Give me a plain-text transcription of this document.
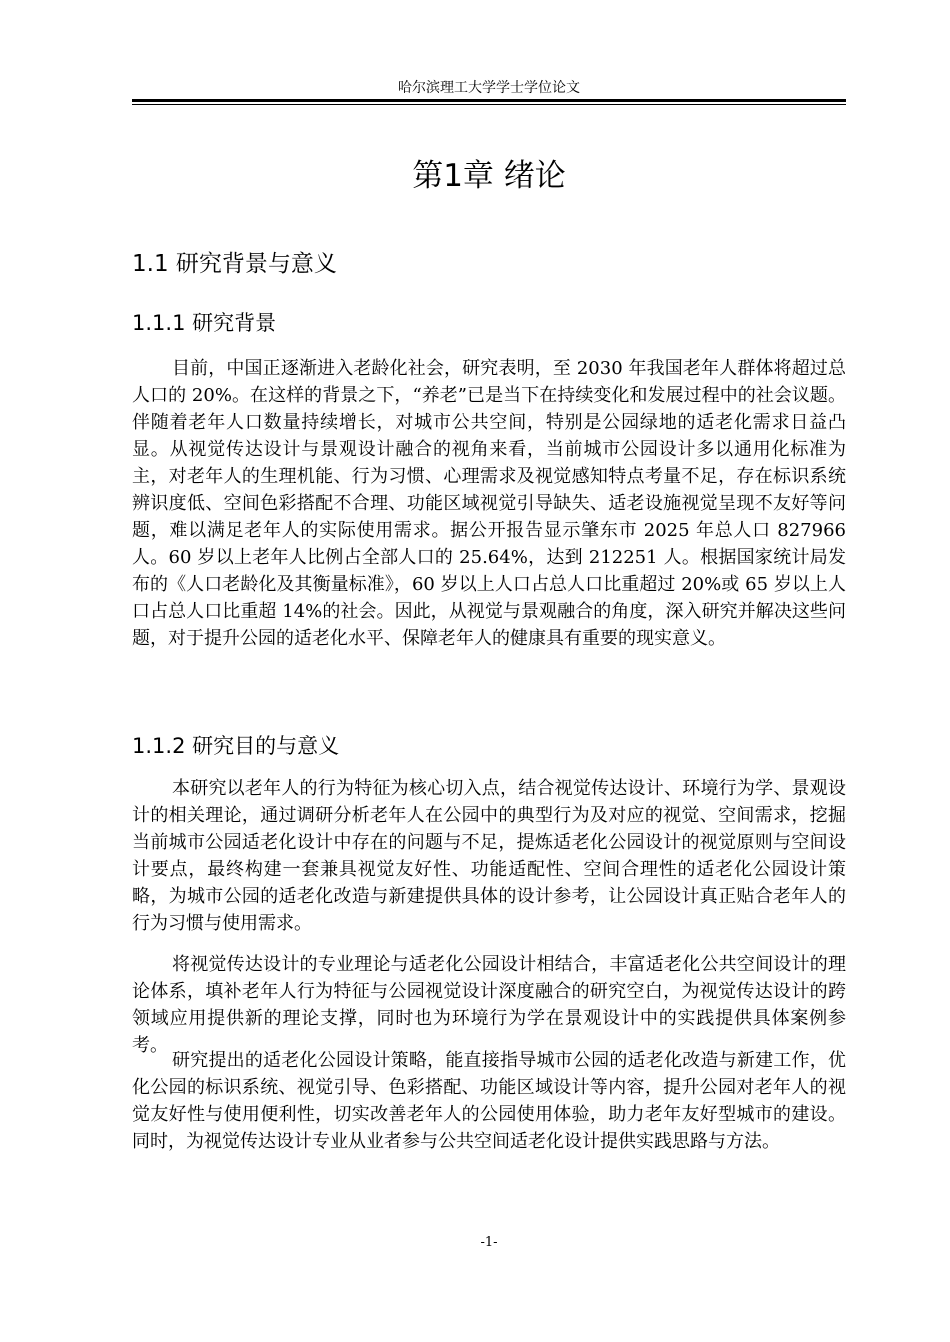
哈尔滨理工大学学士学位论文
第1章 绪论
1.1 研究背景与意义
1.1.1 研究背景

目前，中国正逐渐进入老龄化社会，研究表明，至 2030 年我国老年人群体将超过总人口的 20%。在这样的背景之下，“养老”已是当下在持续变化和发展过程中的社会议题。伴随着老年人口数量持续增长，对城市公共空间，特别是公园绿地的适老化需求日益凸显。从视觉传达设计与景观设计融合的视角来看，当前城市公园设计多以通用化标准为主，对老年人的生理机能、行为习惯、心理需求及视觉感知特点考量不足，存在标识系统辨识度低、空间色彩搭配不合理、功能区域视觉引导缺失、适老设施视觉呈现不友好等问题，难以满足老年人的实际使用需求。据公开报告显示肇东市 2025 年总人口 827966 人。60 岁以上老年人比例占全部人口的 25.64%，达到 212251 人。根据国家统计局发布的《人口老龄化及其衡量标准》，60 岁以上人口占总人口比重超过 20%或 65 岁以上人口占总人口比重超 14%的社会。因此，从视觉与景观融合的角度，深入研究并解决这些问题，对于提升公园的适老化水平、保障老年人的健康具有重要的现实意义。

1.1.2 研究目的与意义

本研究以老年人的行为特征为核心切入点，结合视觉传达设计、环境行为学、景观设计的相关理论，通过调研分析老年人在公园中的典型行为及对应的视觉、空间需求，挖掘当前城市公园适老化设计中存在的问题与不足，提炼适老化公园设计的视觉原则与空间设计要点，最终构建一套兼具视觉友好性、功能适配性、空间合理性的适老化公园设计策略，为城市公园的适老化改造与新建提供具体的设计参考，让公园设计真正贴合老年人的行为习惯与使用需求。

将视觉传达设计的专业理论与适老化公园设计相结合，丰富适老化公共空间设计的理论体系，填补老年人行为特征与公园视觉设计深度融合的研究空白，为视觉传达设计的跨领域应用提供新的理论支撑，同时也为环境行为学在景观设计中的实践提供具体案例参考。

研究提出的适老化公园设计策略，能直接指导城市公园的适老化改造与新建工作，优化公园的标识系统、视觉引导、色彩搭配、功能区域设计等内容，提升公园对老年人的视觉友好性与使用便利性，切实改善老年人的公园使用体验，助力老年友好型城市的建设。同时，为视觉传达设计专业从业者参与公共空间适老化设计提供实践思路与方法。

-1-
